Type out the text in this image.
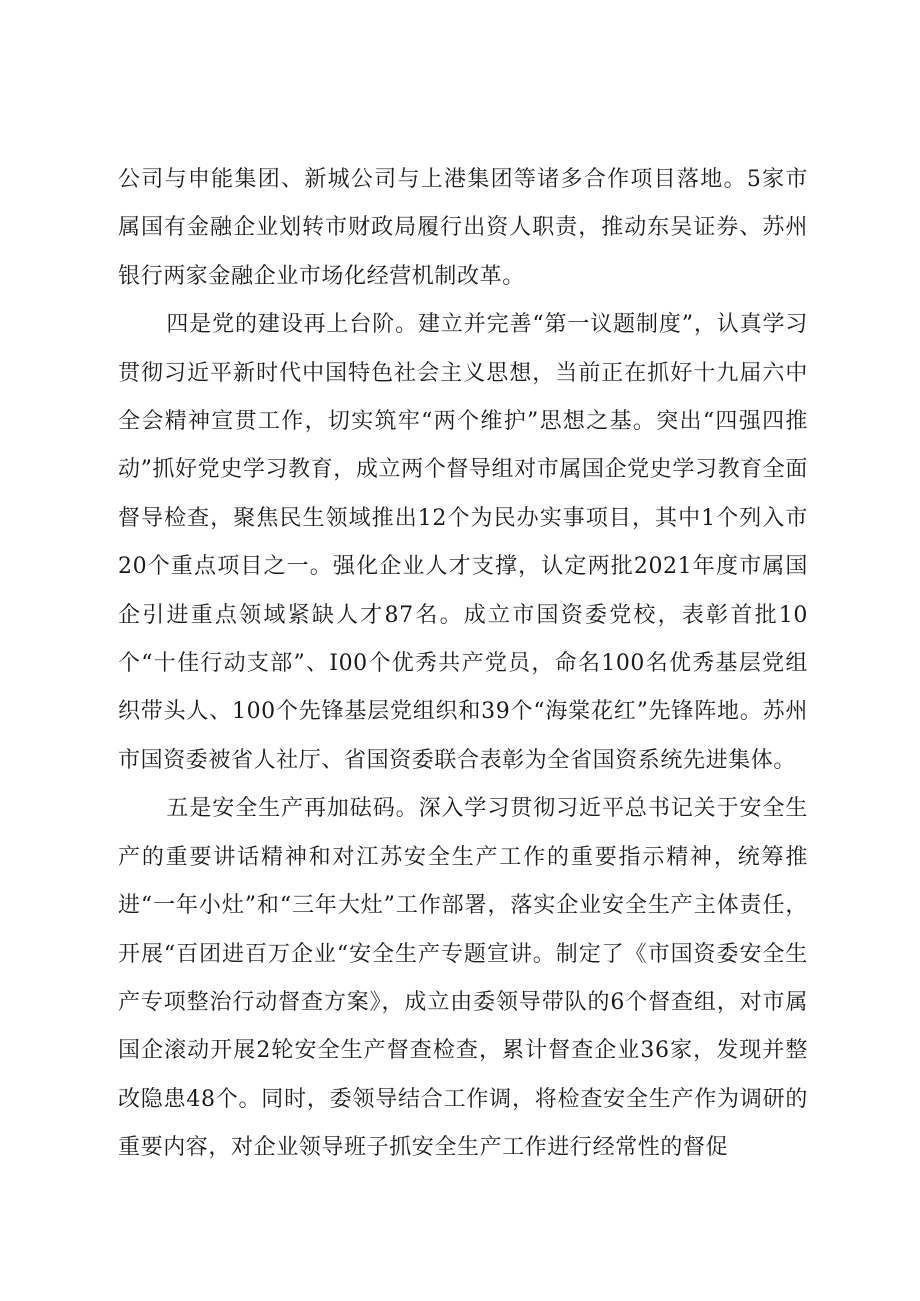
公司与申能集团、新城公司与上港集团等诸多合作项目落地。5家市属国有金融企业划转市财政局履行出资人职责，推动东吴证券、苏州银行两家金融企业市场化经营机制改革。

四是党的建设再上台阶。建立并完善“第一议题制度”，认真学习贯彻习近平新时代中国特色社会主义思想，当前正在抓好十九届六中全会精神宣贯工作，切实筑牢“两个维护”思想之基。突出“四强四推动”抓好党史学习教育，成立两个督导组对市属国企党史学习教育全面督导检查，聚焦民生领域推出12个为民办实事项目，其中1个列入市20个重点项目之一。强化企业人才支撑，认定两批2021年度市属国企引进重点领域紧缺人才87名。成立市国资委党校，表彰首批10个“十佳行动支部”、I00个优秀共产党员，命名100名优秀基层党组织带头人、100个先锋基层党组织和39个“海棠花红”先锋阵地。苏州市国资委被省人社厅、省国资委联合表彰为全省国资系统先进集体。

五是安全生产再加砝码。深入学习贯彻习近平总书记关于安全生产的重要讲话精神和对江苏安全生产工作的重要指示精神，统筹推进“一年小灶”和“三年大灶”工作部署，落实企业安全生产主体责任，开展“百团进百万企业“安全生产专题宣讲。制定了《市国资委安全生产专项整治行动督查方案》，成立由委领导带队的6个督查组，对市属国企滚动开展2轮安全生产督查检查，累计督查企业36家，发现并整改隐患48个。同时，委领导结合工作调，将检查安全生产作为调研的重要内容，对企业领导班子抓安全生产工作进行经常性的督促
